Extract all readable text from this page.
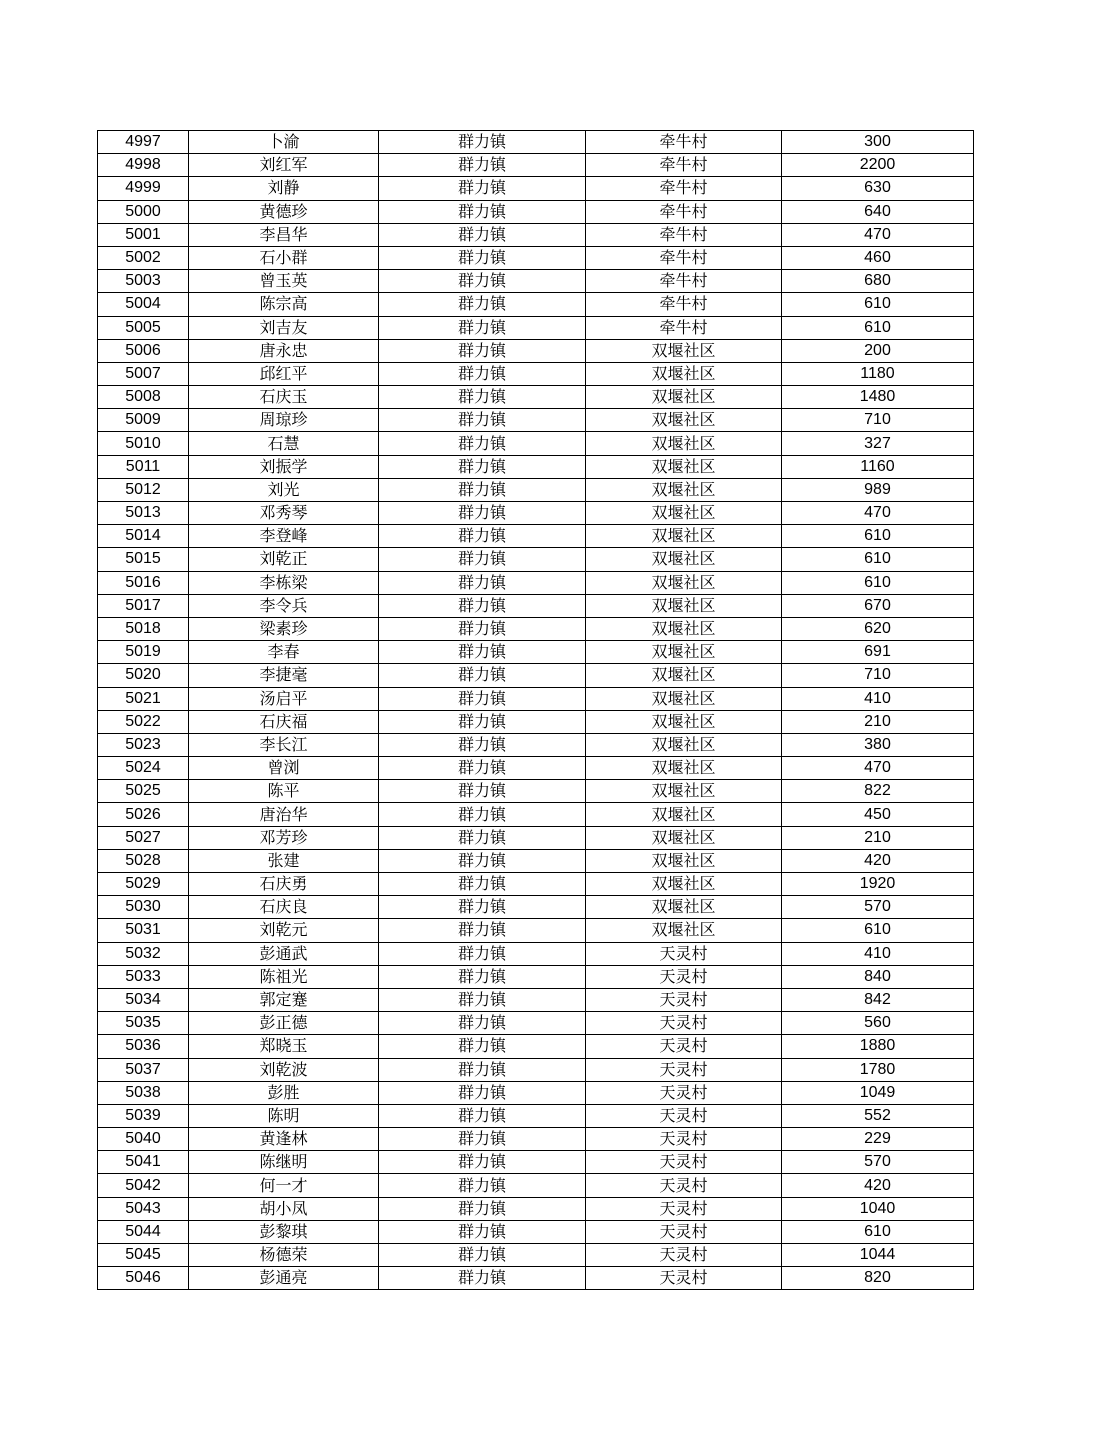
4997	卜渝	群力镇	牵牛村	300
4998	刘红军	群力镇	牵牛村	2200
4999	刘静	群力镇	牵牛村	630
5000	黄德珍	群力镇	牵牛村	640
5001	李昌华	群力镇	牵牛村	470
5002	石小群	群力镇	牵牛村	460
5003	曾玉英	群力镇	牵牛村	680
5004	陈宗高	群力镇	牵牛村	610
5005	刘吉友	群力镇	牵牛村	610
5006	唐永忠	群力镇	双堰社区	200
5007	邱红平	群力镇	双堰社区	1180
5008	石庆玉	群力镇	双堰社区	1480
5009	周琼珍	群力镇	双堰社区	710
5010	石慧	群力镇	双堰社区	327
5011	刘振学	群力镇	双堰社区	1160
5012	刘光	群力镇	双堰社区	989
5013	邓秀琴	群力镇	双堰社区	470
5014	李登峰	群力镇	双堰社区	610
5015	刘乾正	群力镇	双堰社区	610
5016	李栋梁	群力镇	双堰社区	610
5017	李令兵	群力镇	双堰社区	670
5018	梁素珍	群力镇	双堰社区	620
5019	李春	群力镇	双堰社区	691
5020	李捷毫	群力镇	双堰社区	710
5021	汤启平	群力镇	双堰社区	410
5022	石庆福	群力镇	双堰社区	210
5023	李长江	群力镇	双堰社区	380
5024	曾浏	群力镇	双堰社区	470
5025	陈平	群力镇	双堰社区	822
5026	唐治华	群力镇	双堰社区	450
5027	邓芳珍	群力镇	双堰社区	210
5028	张建	群力镇	双堰社区	420
5029	石庆勇	群力镇	双堰社区	1920
5030	石庆良	群力镇	双堰社区	570
5031	刘乾元	群力镇	双堰社区	610
5032	彭通武	群力镇	天灵村	410
5033	陈祖光	群力镇	天灵村	840
5034	郭定蹇	群力镇	天灵村	842
5035	彭正德	群力镇	天灵村	560
5036	郑晓玉	群力镇	天灵村	1880
5037	刘乾波	群力镇	天灵村	1780
5038	彭胜	群力镇	天灵村	1049
5039	陈明	群力镇	天灵村	552
5040	黄逢林	群力镇	天灵村	229
5041	陈继明	群力镇	天灵村	570
5042	何一才	群力镇	天灵村	420
5043	胡小凤	群力镇	天灵村	1040
5044	彭黎琪	群力镇	天灵村	610
5045	杨德荣	群力镇	天灵村	1044
5046	彭通亮	群力镇	天灵村	820
